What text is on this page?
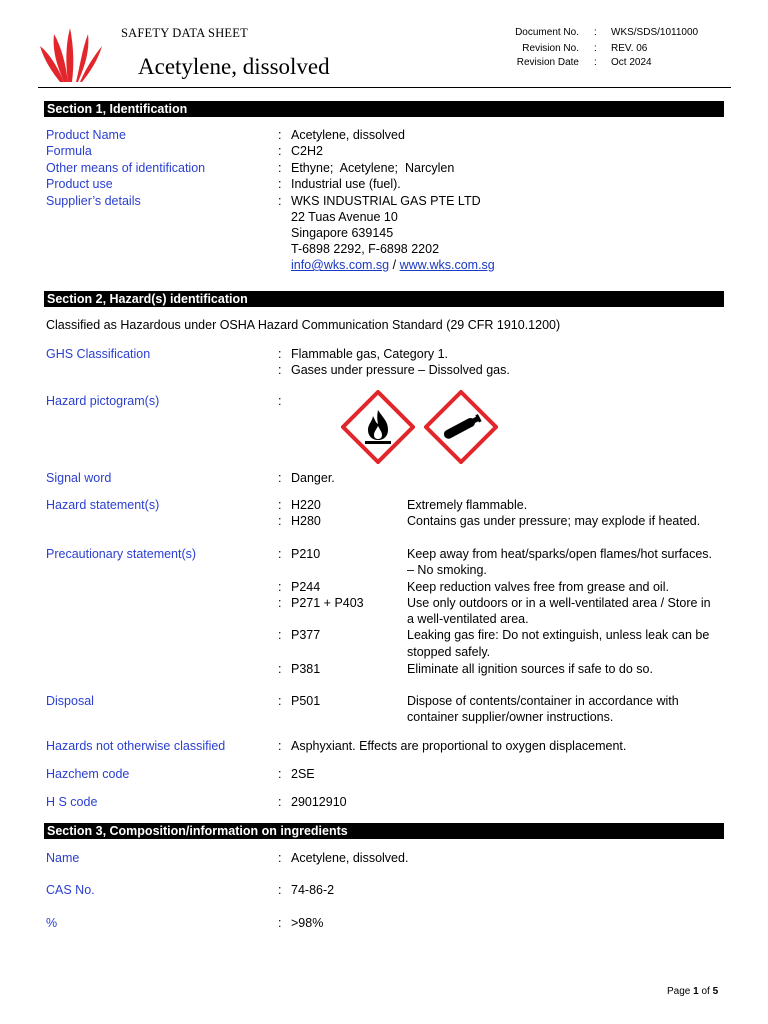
SAFETY DATA SHEET
Acetylene, dissolved
Document No. : WKS/SDS/1011000
Revision No. : REV. 06
Revision Date : Oct 2024
Section 1, Identification
Product Name	: Acetylene, dissolved
Formula	: C2H2
Other means of identification	: Ethyne;  Acetylene;  Narcylen
Product use	: Industrial use (fuel).
Supplier’s details	: WKS INDUSTRIAL GAS PTE LTD
22 Tuas Avenue 10
Singapore 639145
T-6898 2292, F-6898 2202
info@wks.com.sg / www.wks.com.sg
Section 2, Hazard(s) identification
Classified as Hazardous under OSHA Hazard Communication Standard (29 CFR 1910.1200)
GHS Classification	: Flammable gas, Category 1.
: Gases under pressure – Dissolved gas.
Hazard pictogram(s)	:
Signal word	: Danger.
Hazard statement(s)	: H220	Extremely flammable.
: H280	Contains gas under pressure; may explode if heated.
Precautionary statement(s)	: P210	Keep away from heat/sparks/open flames/hot surfaces.
– No smoking.
: P244	Keep reduction valves free from grease and oil.
: P271 + P403	Use only outdoors or in a well-ventilated area / Store in
a well-ventilated area.
: P377	Leaking gas fire: Do not extinguish, unless leak can be
stopped safely.
: P381	Eliminate all ignition sources if safe to do so.
Disposal	: P501	Dispose of contents/container in accordance with
container supplier/owner instructions.
Hazards not otherwise classified	: Asphyxiant. Effects are proportional to oxygen displacement.
Hazchem code	: 2SE
H S code	: 29012910
Section 3, Composition/information on ingredients
Name	: Acetylene, dissolved.
CAS No.	: 74-86-2
%	: >98%
Page 1 of 5
